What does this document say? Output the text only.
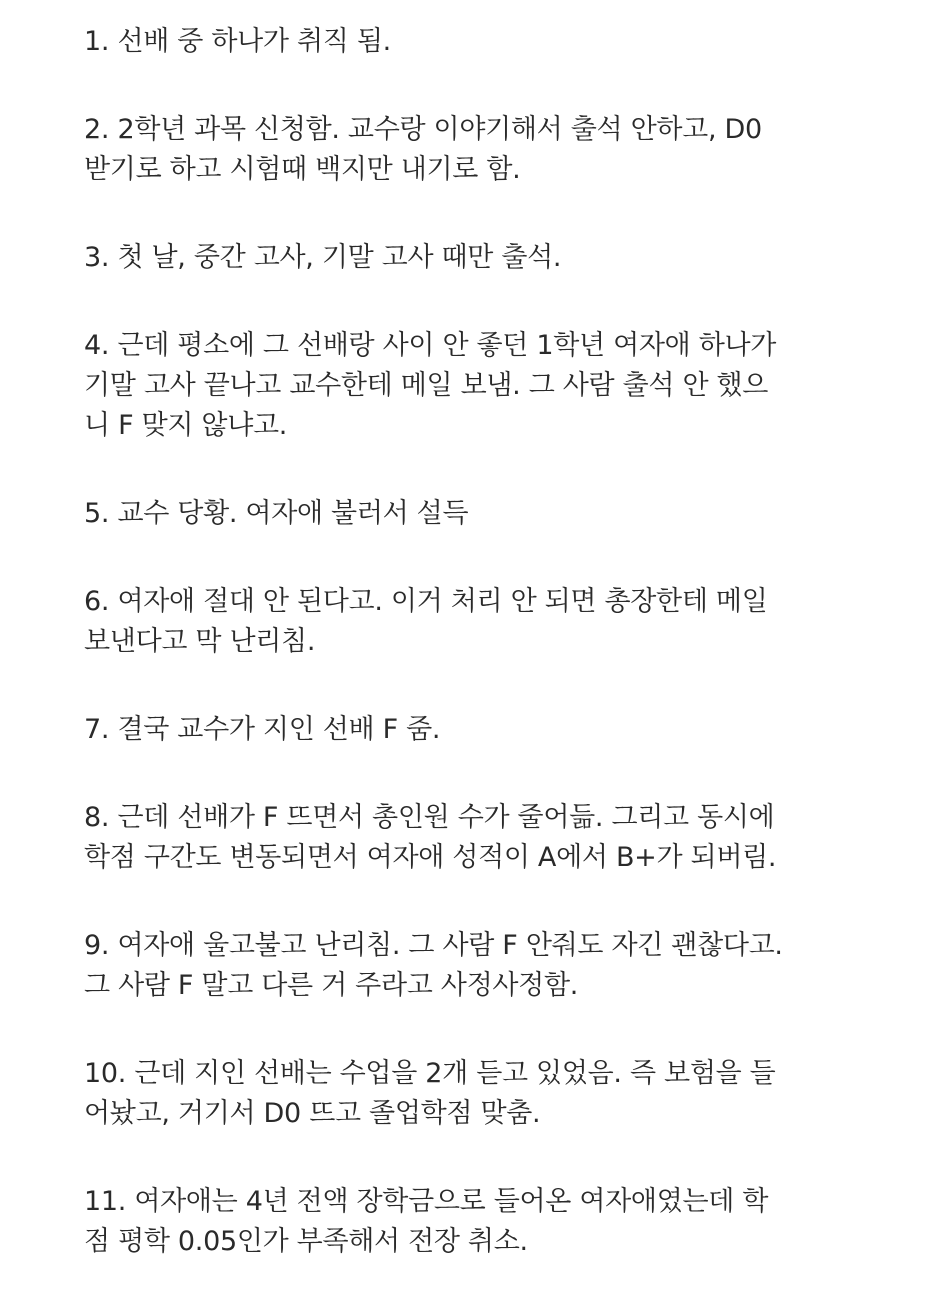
1. 선배 중 하나가 취직 됨.
2. 2학년 과목 신청함. 교수랑 이야기해서 출석 안하고, D0
받기로 하고 시험때 백지만 내기로 함.
3. 첫 날, 중간 고사, 기말 고사 때만 출석.
4. 근데 평소에 그 선배랑 사이 안 좋던 1학년 여자애 하나가
기말 고사 끝나고 교수한테 메일 보냄. 그 사람 출석 안 했으
니 F 맞지 않냐고.
5. 교수 당황. 여자애 불러서 설득
6. 여자애 절대 안 된다고. 이거 처리 안 되면 총장한테 메일
보낸다고 막 난리침.
7. 결국 교수가 지인 선배 F 줌.
8. 근데 선배가 F 뜨면서 총인원 수가 줄어듦. 그리고 동시에
학점 구간도 변동되면서 여자애 성적이 A에서 B+가 되버림.
9. 여자애 울고불고 난리침. 그 사람 F 안줘도 자긴 괜찮다고.
그 사람 F 말고 다른 거 주라고 사정사정함.
10. 근데 지인 선배는 수업을 2개 듣고 있었음. 즉 보험을 들
어놨고, 거기서 D0 뜨고 졸업학점 맞춤.
11. 여자애는 4년 전액 장학금으로 들어온 여자애였는데 학
점 평학 0.05인가 부족해서 전장 취소.
